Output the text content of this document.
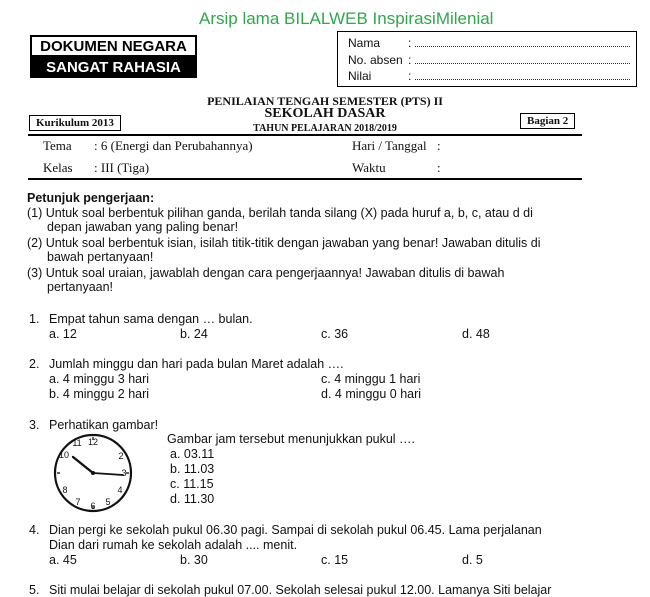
Arsip lama BILALWEB InspirasiMilenial
DOKUMEN NEGARA
SANGAT RAHASIA
Nama	:
No. absen :
Nilai	:
PENILAIAN TENGAH SEMESTER (PTS) II
SEKOLAH DASAR
TAHUN PELAJARAN 2018/2019
Kurikulum 2013	Bagian 2
Tema : 6 (Energi dan Perubahannya)	Hari / Tanggal :
Kelas : III (Tiga)	Waktu	:
Petunjuk pengerjaan:
(1) Untuk soal berbentuk pilihan ganda, berilah tanda silang (X) pada huruf a, b, c, atau d di
depan jawaban yang paling benar!
(2) Untuk soal berbentuk isian, isilah titik-titik dengan jawaban yang benar! Jawaban ditulis di
bawah pertanyaan!
(3) Untuk soal uraian, jawablah dengan cara pengerjaannya! Jawaban ditulis di bawah
pertanyaan!
1. Empat tahun sama dengan … bulan.
a. 12	b. 24	c. 36	d. 48
2. Jumlah minggu dan hari pada bulan Maret adalah ….
a. 4 minggu 3 hari
b. 4 minggu 2 hari
c. 4 minggu 1 hari
d. 4 minggu 0 hari
3. Perhatikan gambar!
12
2
3
4
5
6
7
8
10
11	Gambar jam tersebut menunjukkan pukul ….
a. 03.11
b. 11.03
c. 11.15
d. 11.30
4. Dian pergi ke sekolah pukul 06.30 pagi. Sampai di sekolah pukul 06.45. Lama perjalanan
Dian dari rumah ke sekolah adalah .... menit.
a. 45	b. 30	c. 15	d. 5
5. Siti mulai belajar di sekolah pukul 07.00. Sekolah selesai pukul 12.00. Lamanya Siti belajar
